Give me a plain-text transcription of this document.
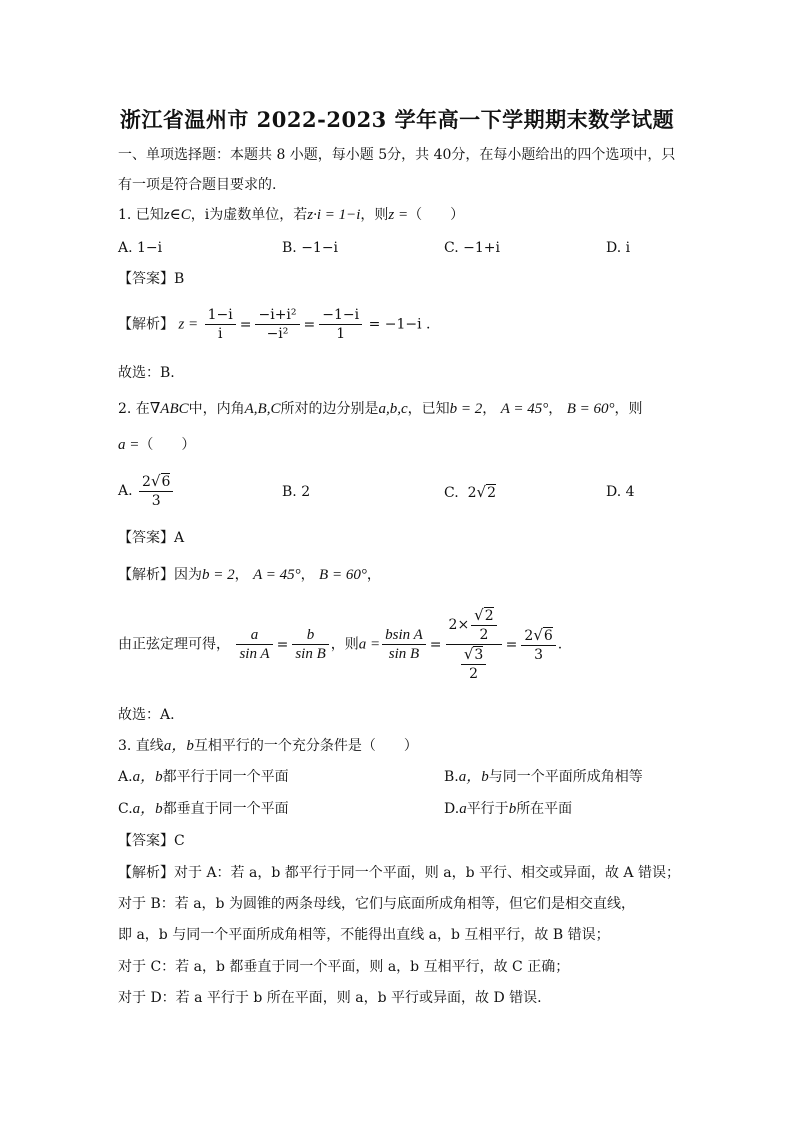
浙江省温州市 2022-2023 学年高一下学期期末数学试题
一、单项选择题：本题共 8 小题，每小题 5分，共 40分，在每小题给出的四个选项中，只
有一项是符合题目要求的.
1. 已知z∈C，i为虚数单位，若z·i = 1−i，则z =（　　）
A. 1−i	B. −1−i	C. −1+i	D. i
【答案】B
【解析】 $z = \frac{1-i}{i} = \frac{\text{−i+i²}}{\text{−i²}} = \frac{-1-i}{1} = -1-i$ .
故选：B.
2. 在∇ABC中，内角A,B,C所对的边分别是a,b,c，已知b = 2， A = 45°， B = 60°，则
a =（　　）
A. $\frac{2√6}{3}$	B. 2	C. 2√2	D. 4
【答案】A
【解析】因为b = 2， A = 45°， B = 60°，
由正弦定理可得， $\frac{a}{\text{sin A}} = \frac{b}{\text{sin B}}$ ，则$a = \frac{\text{bsin A}}{\text{sin B}} = \frac{2\times \frac{√2}{2}}{\frac{√3}{2}} = \frac{2√6}{3}$ .
故选：A.
3. 直线a，b互相平行的一个充分条件是（　　）
A.a，b都平行于同一个平面	B.a，b与同一个平面所成角相等
C.a，b都垂直于同一个平面	D.a平行于b所在平面
【答案】C
【解析】对于 A：若 a，b 都平行于同一个平面，则 a，b 平行、相交或异面，故 A 错误；
对于 B：若 a，b 为圆锥的两条母线，它们与底面所成角相等，但它们是相交直线，
即 a，b 与同一个平面所成角相等，不能得出直线 a，b 互相平行，故 B 错误；
对于 C：若 a，b 都垂直于同一个平面，则 a，b 互相平行，故 C 正确；
对于 D：若 a 平行于 b 所在平面，则 a，b 平行或异面，故 D 错误.
